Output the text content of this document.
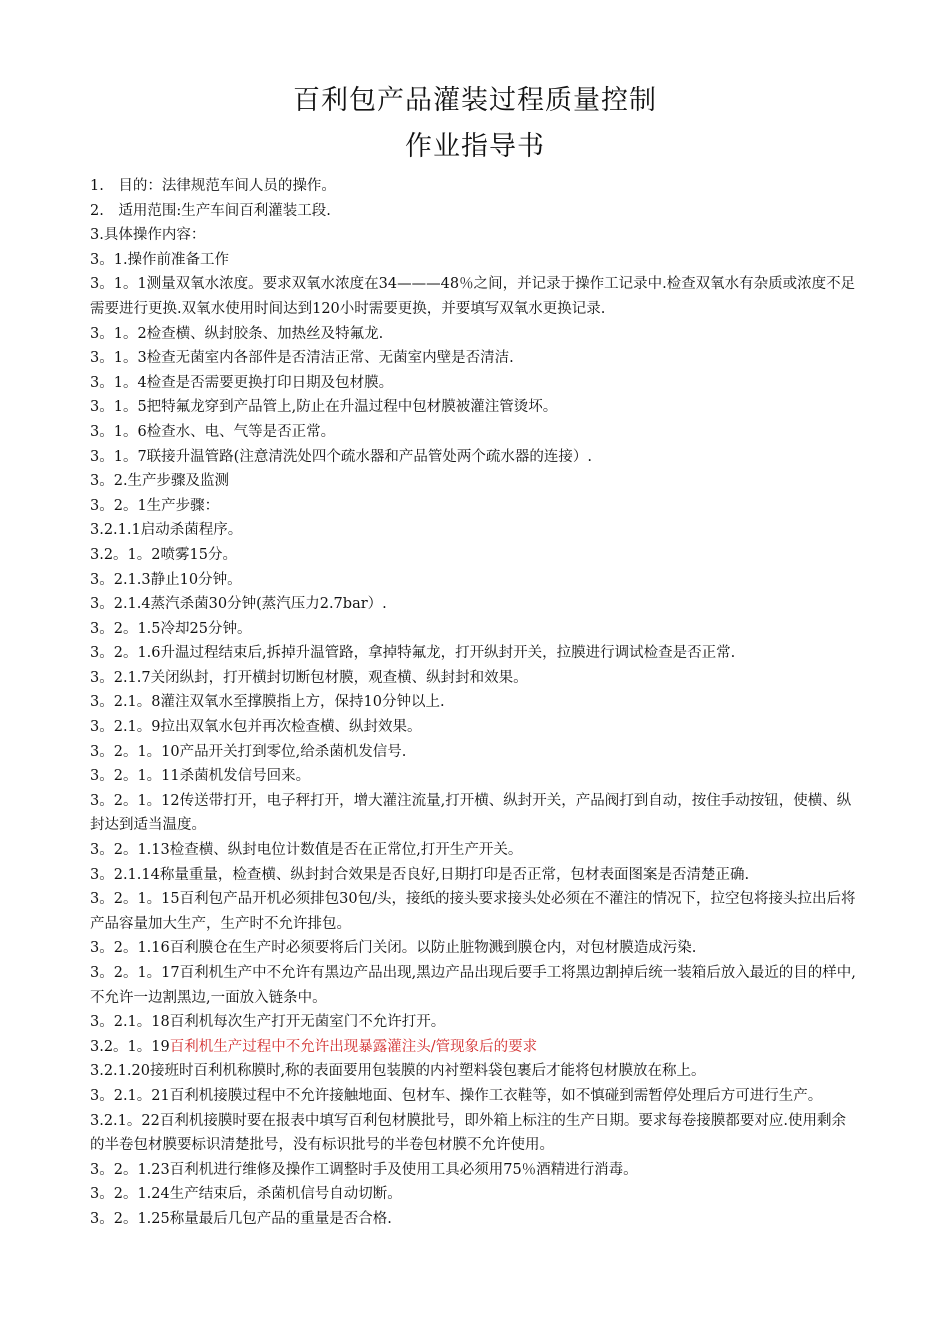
百利包产品灌装过程质量控制
作业指导书

1.　目的：法律规范车间人员的操作。

2.　适用范围:生产车间百利灌装工段.

3.具体操作内容：

3。1.操作前准备工作

3。1。1测量双氧水浓度。要求双氧水浓度在34———48％之间，并记录于操作工记录中.检查双氧水有杂质或浓度不足需要进行更换.双氧水使用时间达到120小时需要更换，并要填写双氧水更换记录.

3。1。2检查横、纵封胶条、加热丝及特氟龙.

3。1。3检查无菌室内各部件是否清洁正常、无菌室内壁是否清洁.

3。1。4检查是否需要更换打印日期及包材膜。

3。1。5把特氟龙穿到产品管上,防止在升温过程中包材膜被灌注管烫坏。

3。1。6检查水、电、气等是否正常。

3。1。7联接升温管路(注意清洗处四个疏水器和产品管处两个疏水器的连接）.

3。2.生产步骤及监测

3。2。1生产步骤：

3.2.1.1启动杀菌程序。

3.2。1。2喷雾15分。

3。2.1.3静止10分钟。

3。2.1.4蒸汽杀菌30分钟(蒸汽压力2.7bar）.

3。2。1.5冷却25分钟。

3。2。1.6升温过程结束后,拆掉升温管路，拿掉特氟龙，打开纵封开关，拉膜进行调试检查是否正常.

3。2.1.7关闭纵封，打开横封切断包材膜，观查横、纵封封和效果。

3。2.1。8灌注双氧水至撑膜指上方，保持10分钟以上.

3。2.1。9拉出双氧水包并再次检查横、纵封效果。

3。2。1。10产品开关打到零位,给杀菌机发信号.

3。2。1。11杀菌机发信号回来。

3。2。1。12传送带打开，电子秤打开，增大灌注流量,打开横、纵封开关，产品阀打到自动，按住手动按钮，使横、纵封达到适当温度。

3。2。1.13检查横、纵封电位计数值是否在正常位,打开生产开关。

3。2.1.14称量重量，检查横、纵封封合效果是否良好,日期打印是否正常，包材表面图案是否清楚正确.

3。2。1。15百利包产品开机必须排包30包/头，接纸的接头要求接头处必须在不灌注的情况下，拉空包将接头拉出后将产品容量加大生产，生产时不允许排包。

3。2。1.16百利膜仓在生产时必须要将后门关闭。以防止脏物溅到膜仓内，对包材膜造成污染.

3。2。1。17百利机生产中不允许有黑边产品出现,黑边产品出现后要手工将黑边割掉后统一装箱后放入最近的目的样中,不允许一边割黑边,一面放入链条中。

3。2.1。18百利机每次生产打开无菌室门不允许打开。

3.2。1。19百利机生产过程中不允许出现暴露灌注头/管现象后的要求

3.2.1.20接班时百利机称膜时,称的表面要用包装膜的内衬塑料袋包裹后才能将包材膜放在称上。

3。2.1。21百利机接膜过程中不允许接触地面、包材车、操作工衣鞋等，如不慎碰到需暂停处理后方可进行生产。

3.2.1。22百利机接膜时要在报表中填写百利包材膜批号，即外箱上标注的生产日期。要求每卷接膜都要对应.使用剩余的半卷包材膜要标识清楚批号，没有标识批号的半卷包材膜不允许使用。

3。2。1.23百利机进行维修及操作工调整时手及使用工具必须用75％酒精进行消毒。

3。2。1.24生产结束后，杀菌机信号自动切断。

3。2。1.25称量最后几包产品的重量是否合格.
